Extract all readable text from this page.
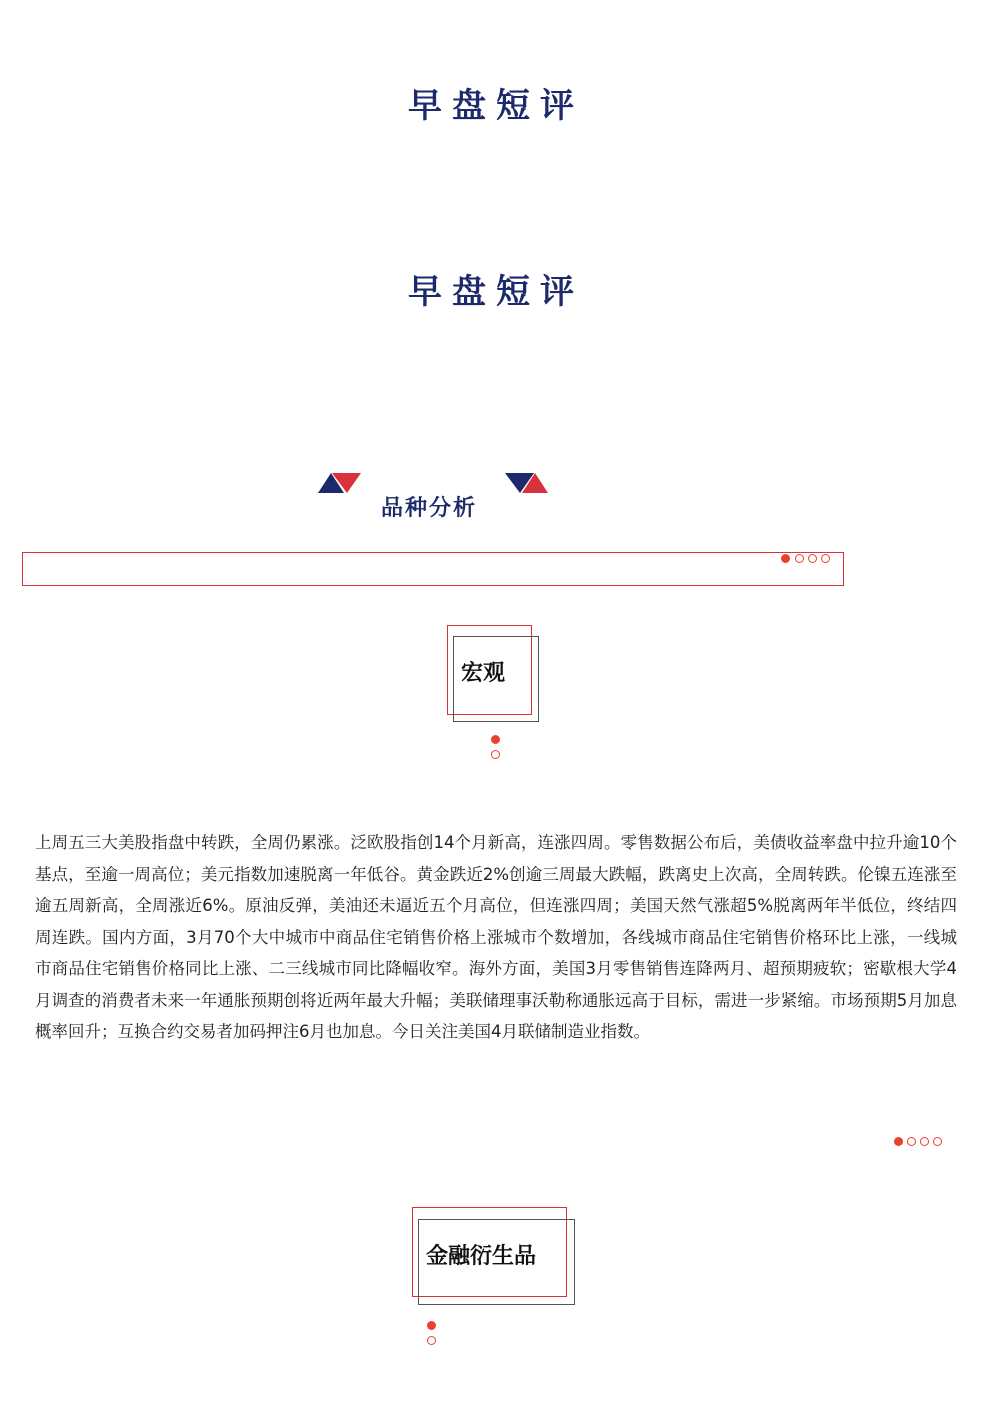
早盘短评
早盘短评
品种分析
宏观
上周五三大美股指盘中转跌，全周仍累涨。泛欧股指创14个月新高，连涨四周。零售数据公布后，美债收益率盘中拉升逾10个基点，至逾一周高位；美元指数加速脱离一年低谷。黄金跌近2%创逾三周最大跌幅，跌离史上次高，全周转跌。伦镍五连涨至逾五周新高，全周涨近6%。原油反弹，美油还未逼近五个月高位，但连涨四周；美国天然气涨超5%脱离两年半低位，终结四周连跌。国内方面，3月70个大中城市中商品住宅销售价格上涨城市个数增加，各线城市商品住宅销售价格环比上涨，一线城市商品住宅销售价格同比上涨、二三线城市同比降幅收窄。海外方面，美国3月零售销售连降两月、超预期疲软；密歇根大学4月调查的消费者未来一年通胀预期创将近两年最大升幅；美联储理事沃勒称通胀远高于目标，需进一步紧缩。市场预期5月加息概率回升；互换合约交易者加码押注6月也加息。今日关注美国4月联储制造业指数。
金融衍生品
